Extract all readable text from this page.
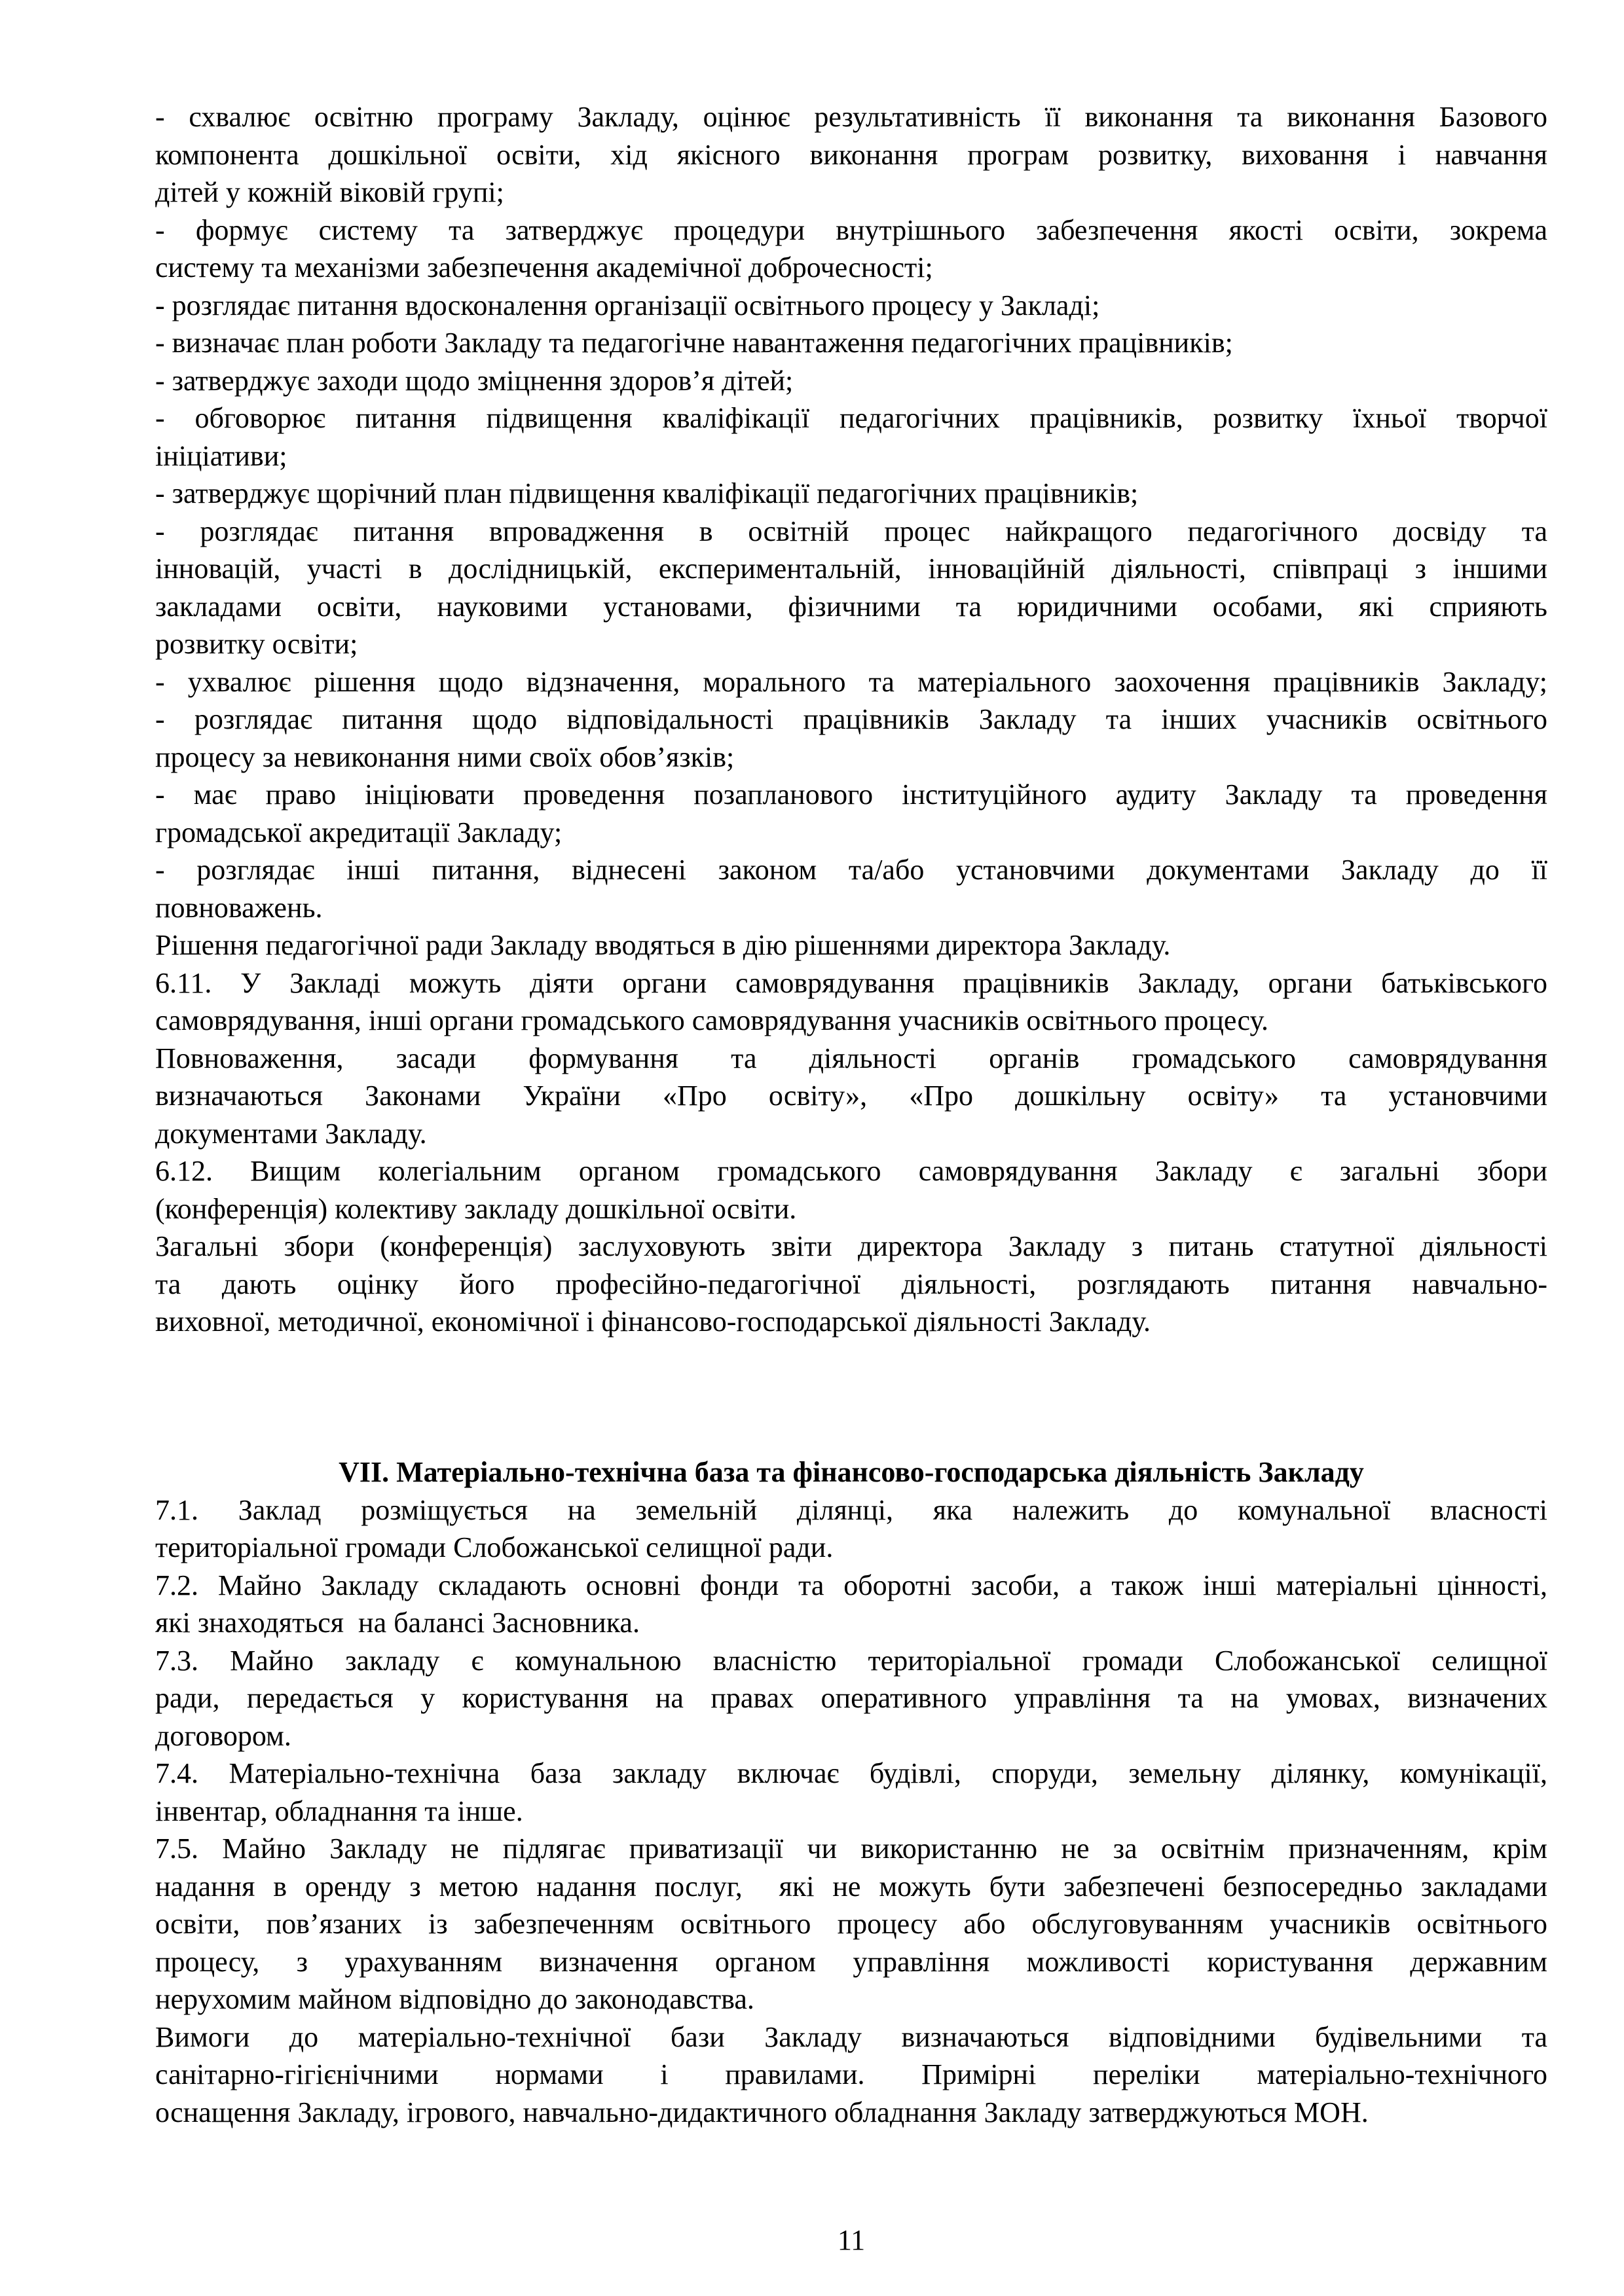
- схвалює освітню програму Закладу, оцінює результативність її виконання та виконання Базового
компонента дошкільної освіти, хід якісного виконання програм розвитку, виховання і навчання
дітей у кожній віковій групі;
- формує систему та затверджує процедури внутрішнього забезпечення якості освіти, зокрема
систему та механізми забезпечення академічної доброчесності;
- розглядає питання вдосконалення організації освітнього процесу у Закладі;
- визначає план роботи Закладу та педагогічне навантаження педагогічних працівників;
- затверджує заходи щодо зміцнення здоров’я дітей;
- обговорює питання підвищення кваліфікації педагогічних працівників, розвитку їхньої творчої
ініціативи;
- затверджує щорічний план підвищення кваліфікації педагогічних працівників;
- розглядає питання впровадження в освітній процес найкращого педагогічного досвіду та
інновацій, участі в дослідницькій, експериментальній, інноваційній діяльності, співпраці з іншими
закладами освіти, науковими установами, фізичними та юридичними особами, які сприяють
розвитку освіти;
- ухвалює рішення щодо відзначення, морального та матеріального заохочення працівників Закладу;
- розглядає питання щодо відповідальності працівників Закладу та інших учасників освітнього
процесу за невиконання ними своїх обов’язків;
- має право ініціювати проведення позапланового інституційного аудиту Закладу та проведення
громадської акредитації Закладу;
- розглядає інші питання, віднесені законом та/або установчими документами Закладу до її
повноважень.
Рішення педагогічної ради Закладу вводяться в дію рішеннями директора Закладу.
6.11. У Закладі можуть діяти органи самоврядування працівників Закладу, органи батьківського
самоврядування, інші органи громадського самоврядування учасників освітнього процесу.
Повноваження, засади формування та діяльності органів громадського самоврядування
визначаються Законами України «Про освіту», «Про дошкільну освіту» та установчими
документами Закладу.
6.12. Вищим колегіальним органом громадського самоврядування Закладу є загальні збори
(конференція) колективу закладу дошкільної освіти.
Загальні збори (конференція) заслуховують звіти директора Закладу з питань статутної діяльності
та дають оцінку його професійно-педагогічної діяльності, розглядають питання навчально-
виховної, методичної, економічної і фінансово-господарської діяльності Закладу.
VII. Матеріально-технічна база та фінансово-господарська діяльність Закладу
7.1. Заклад розміщується на земельній ділянці, яка належить до комунальної власності
територіальної громади Слобожанської селищної ради.
7.2. Майно Закладу складають основні фонди та оборотні засоби, а також інші матеріальні цінності,
які знаходяться  на балансі Засновника.
7.3. Майно закладу є комунальною власністю територіальної громади Слобожанської селищної
ради, передається у користування на правах оперативного управління та на умовах, визначених
договором.
7.4. Матеріально-технічна база закладу включає будівлі, споруди, земельну ділянку, комунікації,
інвентар, обладнання та інше.
7.5. Майно Закладу не підлягає приватизації чи використанню не за освітнім призначенням, крім
надання в оренду з метою надання послуг,  які не можуть бути забезпечені безпосередньо закладами
освіти, пов’язаних із забезпеченням освітнього процесу або обслуговуванням учасників освітнього
процесу, з урахуванням визначення органом управління можливості користування державним
нерухомим майном відповідно до законодавства.
Вимоги до матеріально-технічної бази Закладу визначаються відповідними будівельними та
санітарно-гігієнічними нормами і правилами. Примірні переліки матеріально-технічного
оснащення Закладу, ігрового, навчально-дидактичного обладнання Закладу затверджуються МОН.
11
